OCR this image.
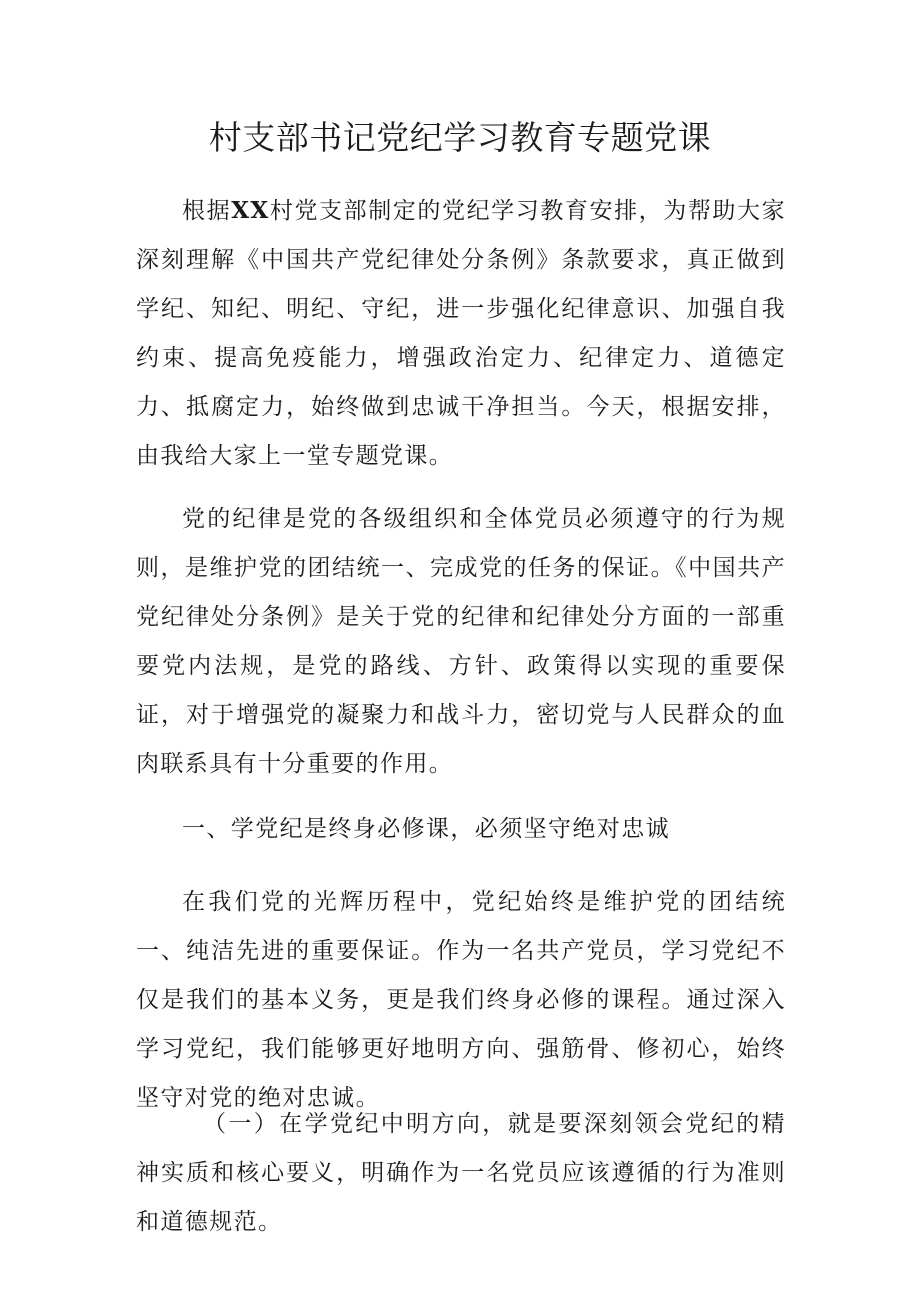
村支部书记党纪学习教育专题党课

根据XX村党支部制定的党纪学习教育安排，为帮助大家深刻理解《中国共产党纪律处分条例》条款要求，真正做到学纪、知纪、明纪、守纪，进一步强化纪律意识、加强自我约束、提高免疫能力，增强政治定力、纪律定力、道德定力、抵腐定力，始终做到忠诚干净担当。今天，根据安排，由我给大家上一堂专题党课。

党的纪律是党的各级组织和全体党员必须遵守的行为规则，是维护党的团结统一、完成党的任务的保证。《中国共产党纪律处分条例》是关于党的纪律和纪律处分方面的一部重要党内法规，是党的路线、方针、政策得以实现的重要保证，对于增强党的凝聚力和战斗力，密切党与人民群众的血肉联系具有十分重要的作用。

一、学党纪是终身必修课，必须坚守绝对忠诚

在我们党的光辉历程中，党纪始终是维护党的团结统一、纯洁先进的重要保证。作为一名共产党员，学习党纪不仅是我们的基本义务，更是我们终身必修的课程。通过深入学习党纪，我们能够更好地明方向、强筋骨、修初心，始终坚守对党的绝对忠诚。

（一）在学党纪中明方向，就是要深刻领会党纪的精神实质和核心要义，明确作为一名党员应该遵循的行为准则和道德规范。
